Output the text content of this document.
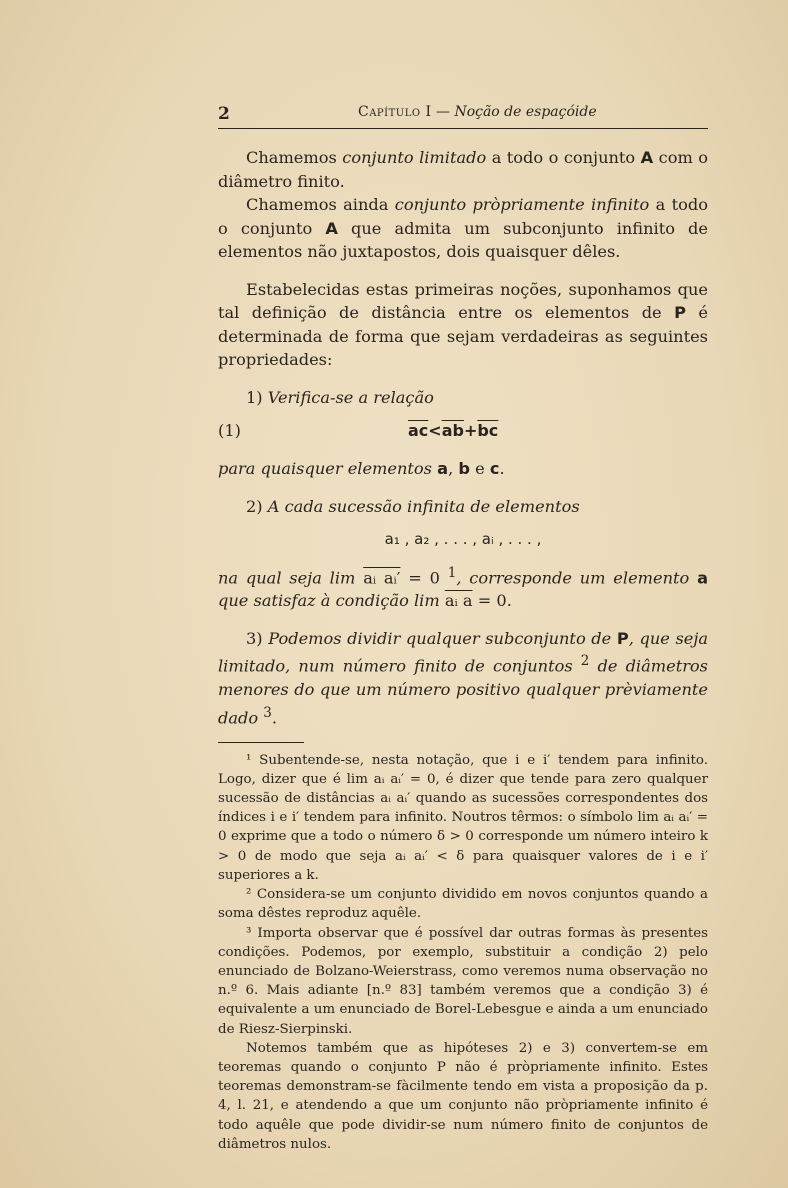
2	Capítulo I — Noção de espaçóide

Chamemos conjunto limitado a todo o conjunto A com o diâmetro finito.

Chamemos ainda conjunto pròpriamente infinito a todo o conjunto A que admita um subconjunto infinito de elementos não juxtapostos, dois quaisquer dêles.

Estabelecidas estas primeiras noções, suponhamos que tal definição de distância entre os elementos de P é determinada de forma que sejam verdadeiras as seguintes propriedades:

1) Verifica-se a relação

(1)	$\overline{ac}<\overline{ab}+\overline{bc}$

para quaisquer elementos a, b e c.

2) A cada sucessão infinita de elementos

a₁ , a₂ , . . . , aᵢ , . . . ,

na qual seja lim aᵢ aᵢ′ = 0 $^1$, corresponde um elemento a que satisfaz à condição lim aᵢ a = 0.

3) Podemos dividir qualquer subconjunto de P, que seja limitado, num número finito de conjuntos $^2$ de diâmetros menores do que um número positivo qualquer prèviamente dado $^3$.

¹ Subentende-se, nesta notação, que i e i′ tendem para infinito. Logo, dizer que é lim aᵢ aᵢ′ = 0, é dizer que tende para zero qualquer sucessão de distâncias aᵢ aᵢ′ quando as sucessões correspondentes dos índices i e i′ tendem para infinito. Noutros têrmos: o símbolo lim aᵢ aᵢ′ = 0 exprime que a todo o número δ > 0 corresponde um número inteiro k > 0 de modo que seja aᵢ aᵢ′ < δ para quaisquer valores de i e i′ superiores a k.

² Considera-se um conjunto dividido em novos conjuntos quando a soma dêstes reproduz aquêle.

³ Importa observar que é possível dar outras formas às presentes condições. Podemos, por exemplo, substituir a condição 2) pelo enunciado de Bolzano-Weierstrass, como veremos numa observação no n.º 6. Mais adiante [n.º 83] também veremos que a condição 3) é equivalente a um enunciado de Borel-Lebesgue e ainda a um enunciado de Riesz-Sierpinski.

Notemos também que as hipóteses 2) e 3) convertem-se em teoremas quando o conjunto P não é pròpriamente infinito. Estes teoremas demonstram-se fàcilmente tendo em vista a proposição da p. 4, l. 21, e atendendo a que um conjunto não pròpriamente infinito é todo aquêle que pode dividir-se num número finito de conjuntos de diâmetros nulos.
